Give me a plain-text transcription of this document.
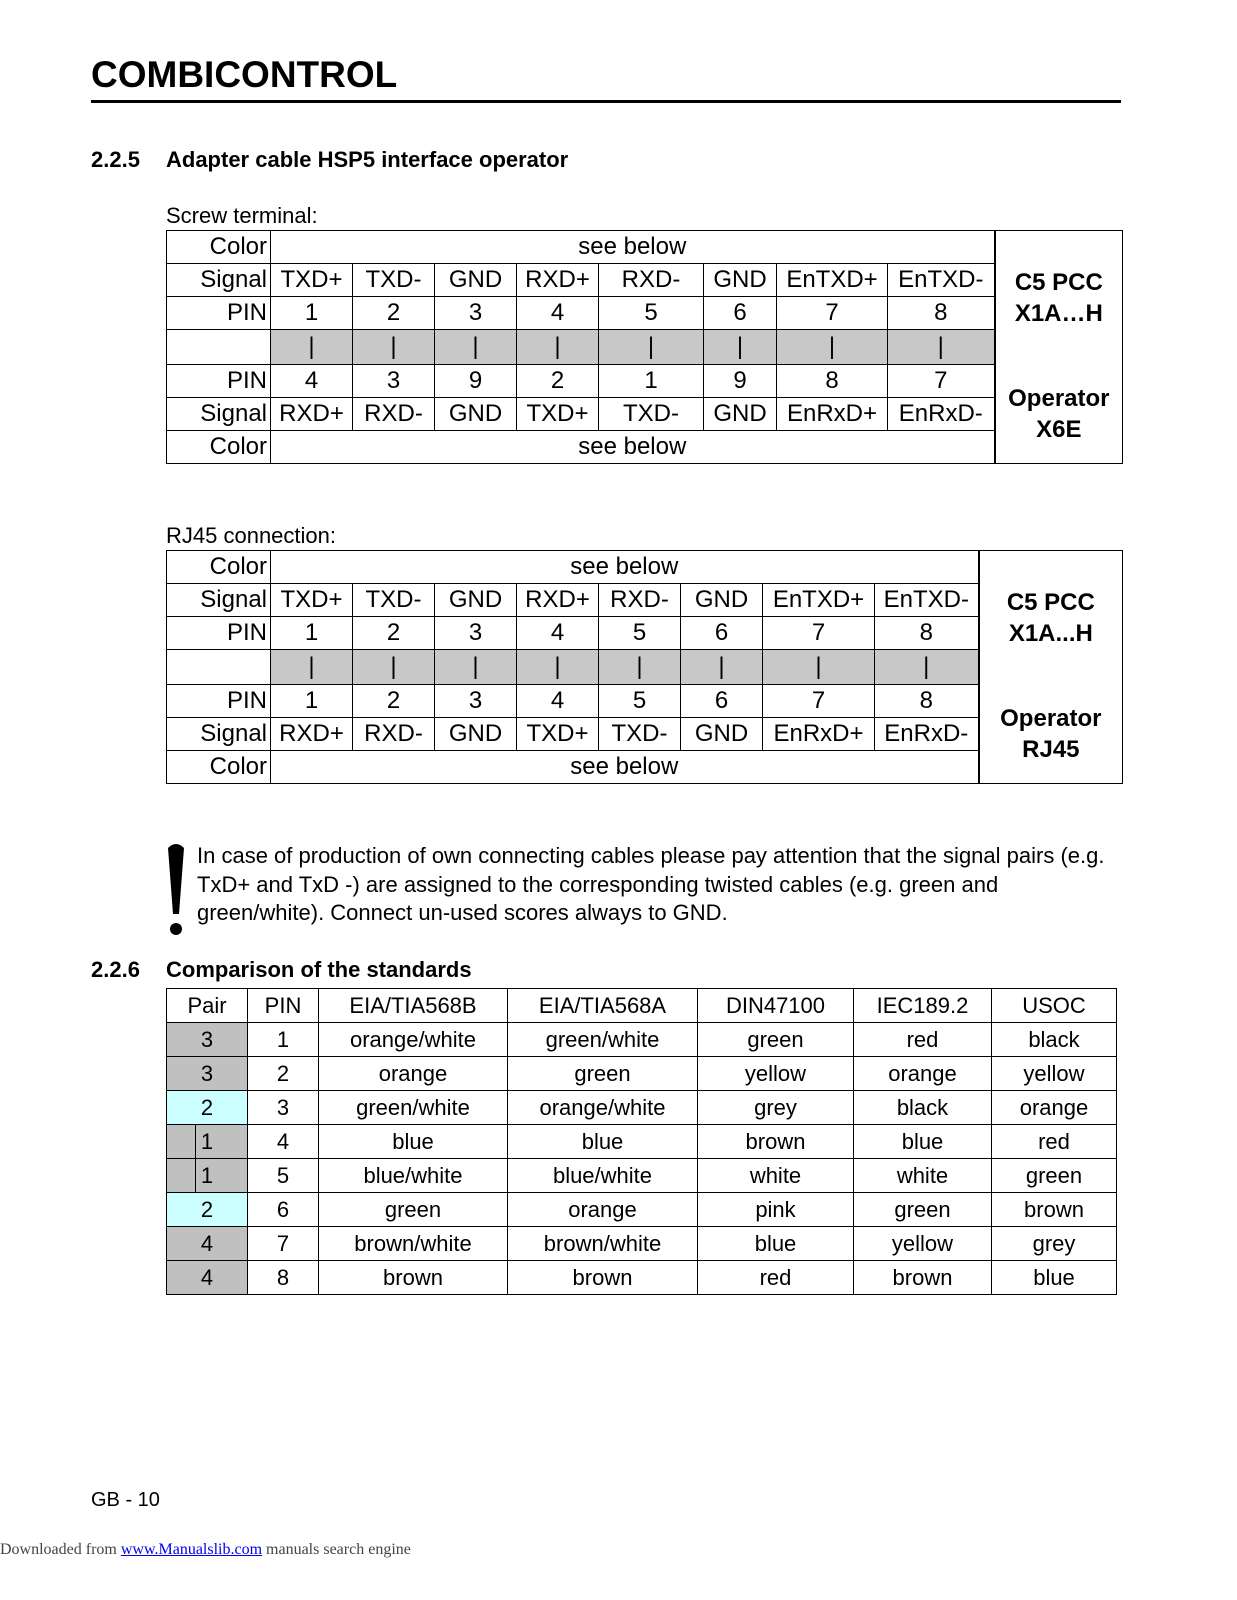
COMBICONTROL
2.2.5 Adapter cable HSP5 interface operator
Screw terminal:
Color	see below								C5 PCC
X1A…H

Signal	TXD+	TXD-	GND	RXD+	RXD-	GND	EnTXD+	EnTXD-	
PIN	1	2	3	4	5	6	7	8	
	|	|	|	|	|	|	|	|	
PIN	4	3	9	2	1	9	8	7	Operator
X6E

Signal	RXD+	RXD-	GND	TXD+	TXD-	GND	EnRxD+	EnRxD-	
Color	see below								
RJ45 connection:
Color	see below								C5 PCC
X1A...H

Signal	TXD+	TXD-	GND	RXD+	RXD-	GND	EnTXD+	EnTXD-	
PIN	1	2	3	4	5	6	7	8	
	|	|	|	|	|	|	|	|	
PIN	1	2	3	4	5	6	7	8	Operator
RJ45

Signal	RXD+	RXD-	GND	TXD+	TXD-	GND	EnRxD+	EnRxD-	
Color	see below								
In case of production of own connecting cables please pay attention that the signal pairs (e.g. TxD+ and TxD -) are assigned to the corresponding twisted cables (e.g. green and green/white). Connect un-used scores always to GND.
2.2.6 Comparison of the standards
Pair	PIN	EIA/TIA568B	EIA/TIA568A	DIN47100	IEC189.2	USOC
3	1	orange/white	green/white	green	red	black
3	2	orange	green	yellow	orange	yellow
2	3	green/white	orange/white	grey	black	orange
1	4	blue	blue	brown	blue	red
1	5	blue/white	blue/white	white	white	green
2	6	green	orange	pink	green	brown
4	7	brown/white	brown/white	blue	yellow	grey
4	8	brown	brown	red	brown	blue
GB - 10
Downloaded from www.Manualslib.com manuals search engine
